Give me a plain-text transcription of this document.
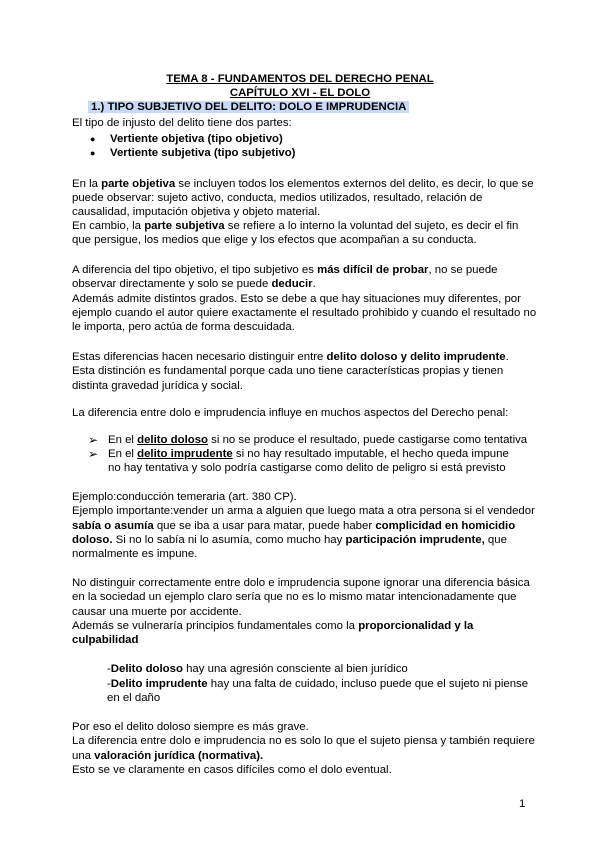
TEMA 8 - FUNDAMENTOS DEL DERECHO PENAL
CAPÍTULO XVI - EL DOLO
1.) TIPO SUBJETIVO DEL DELITO: DOLO E IMPRUDENCIA
El tipo de injusto del delito tiene dos partes:
● Vertiente objetiva (tipo objetivo)
● Vertiente subjetiva (tipo subjetivo)
En la parte objetiva se incluyen todos los elementos externos del delito, es decir, lo que se
puede observar: sujeto activo, conducta, medios utilizados, resultado, relación de
causalidad, imputación objetiva y objeto material.
En cambio, la parte subjetiva se refiere a lo interno la voluntad del sujeto, es decir el fin
que persigue, los medios que elige y los efectos que acompañan a su conducta.
A diferencia del tipo objetivo, el tipo subjetivo es más difícil de probar, no se puede
observar directamente y solo se puede deducir.
Además admite distintos grados. Esto se debe a que hay situaciones muy diferentes, por
ejemplo cuando el autor quiere exactamente el resultado prohibido y cuando el resultado no
le importa, pero actúa de forma descuidada.
Estas diferencias hacen necesario distinguir entre delito doloso y delito imprudente.
Esta distinción es fundamental porque cada uno tiene características propias y tienen
distinta gravedad jurídica y social.
La diferencia entre dolo e imprudencia influye en muchos aspectos del Derecho penal:
➢ En el delito doloso si no se produce el resultado, puede castigarse como tentativa
➢ En el delito imprudente si no hay resultado imputable, el hecho queda impune
no hay tentativa y solo podría castigarse como delito de peligro si está previsto
Ejemplo:conducción temeraria (art. 380 CP).
Ejemplo importante:vender un arma a alguien que luego mata a otra persona si el vendedor
sabía o asumía que se iba a usar para matar, puede haber complicidad en homicidio
doloso. Si no lo sabía ni lo asumía, como mucho hay participación imprudente, que
normalmente es impune.
No distinguir correctamente entre dolo e imprudencia supone ignorar una diferencia básica
en la sociedad un ejemplo claro sería que no es lo mismo matar intencionadamente que
causar una muerte por accidente.
Además se vulneraría principios fundamentales como la proporcionalidad y la
culpabilidad
-Delito doloso hay una agresión consciente al bien jurídico
-Delito imprudente hay una falta de cuidado, incluso puede que el sujeto ni piense
en el daño
Por eso el delito doloso siempre es más grave.
La diferencia entre dolo e imprudencia no es solo lo que el sujeto piensa y también requiere
una valoración jurídica (normativa).
Esto se ve claramente en casos difíciles como el dolo eventual.
1
